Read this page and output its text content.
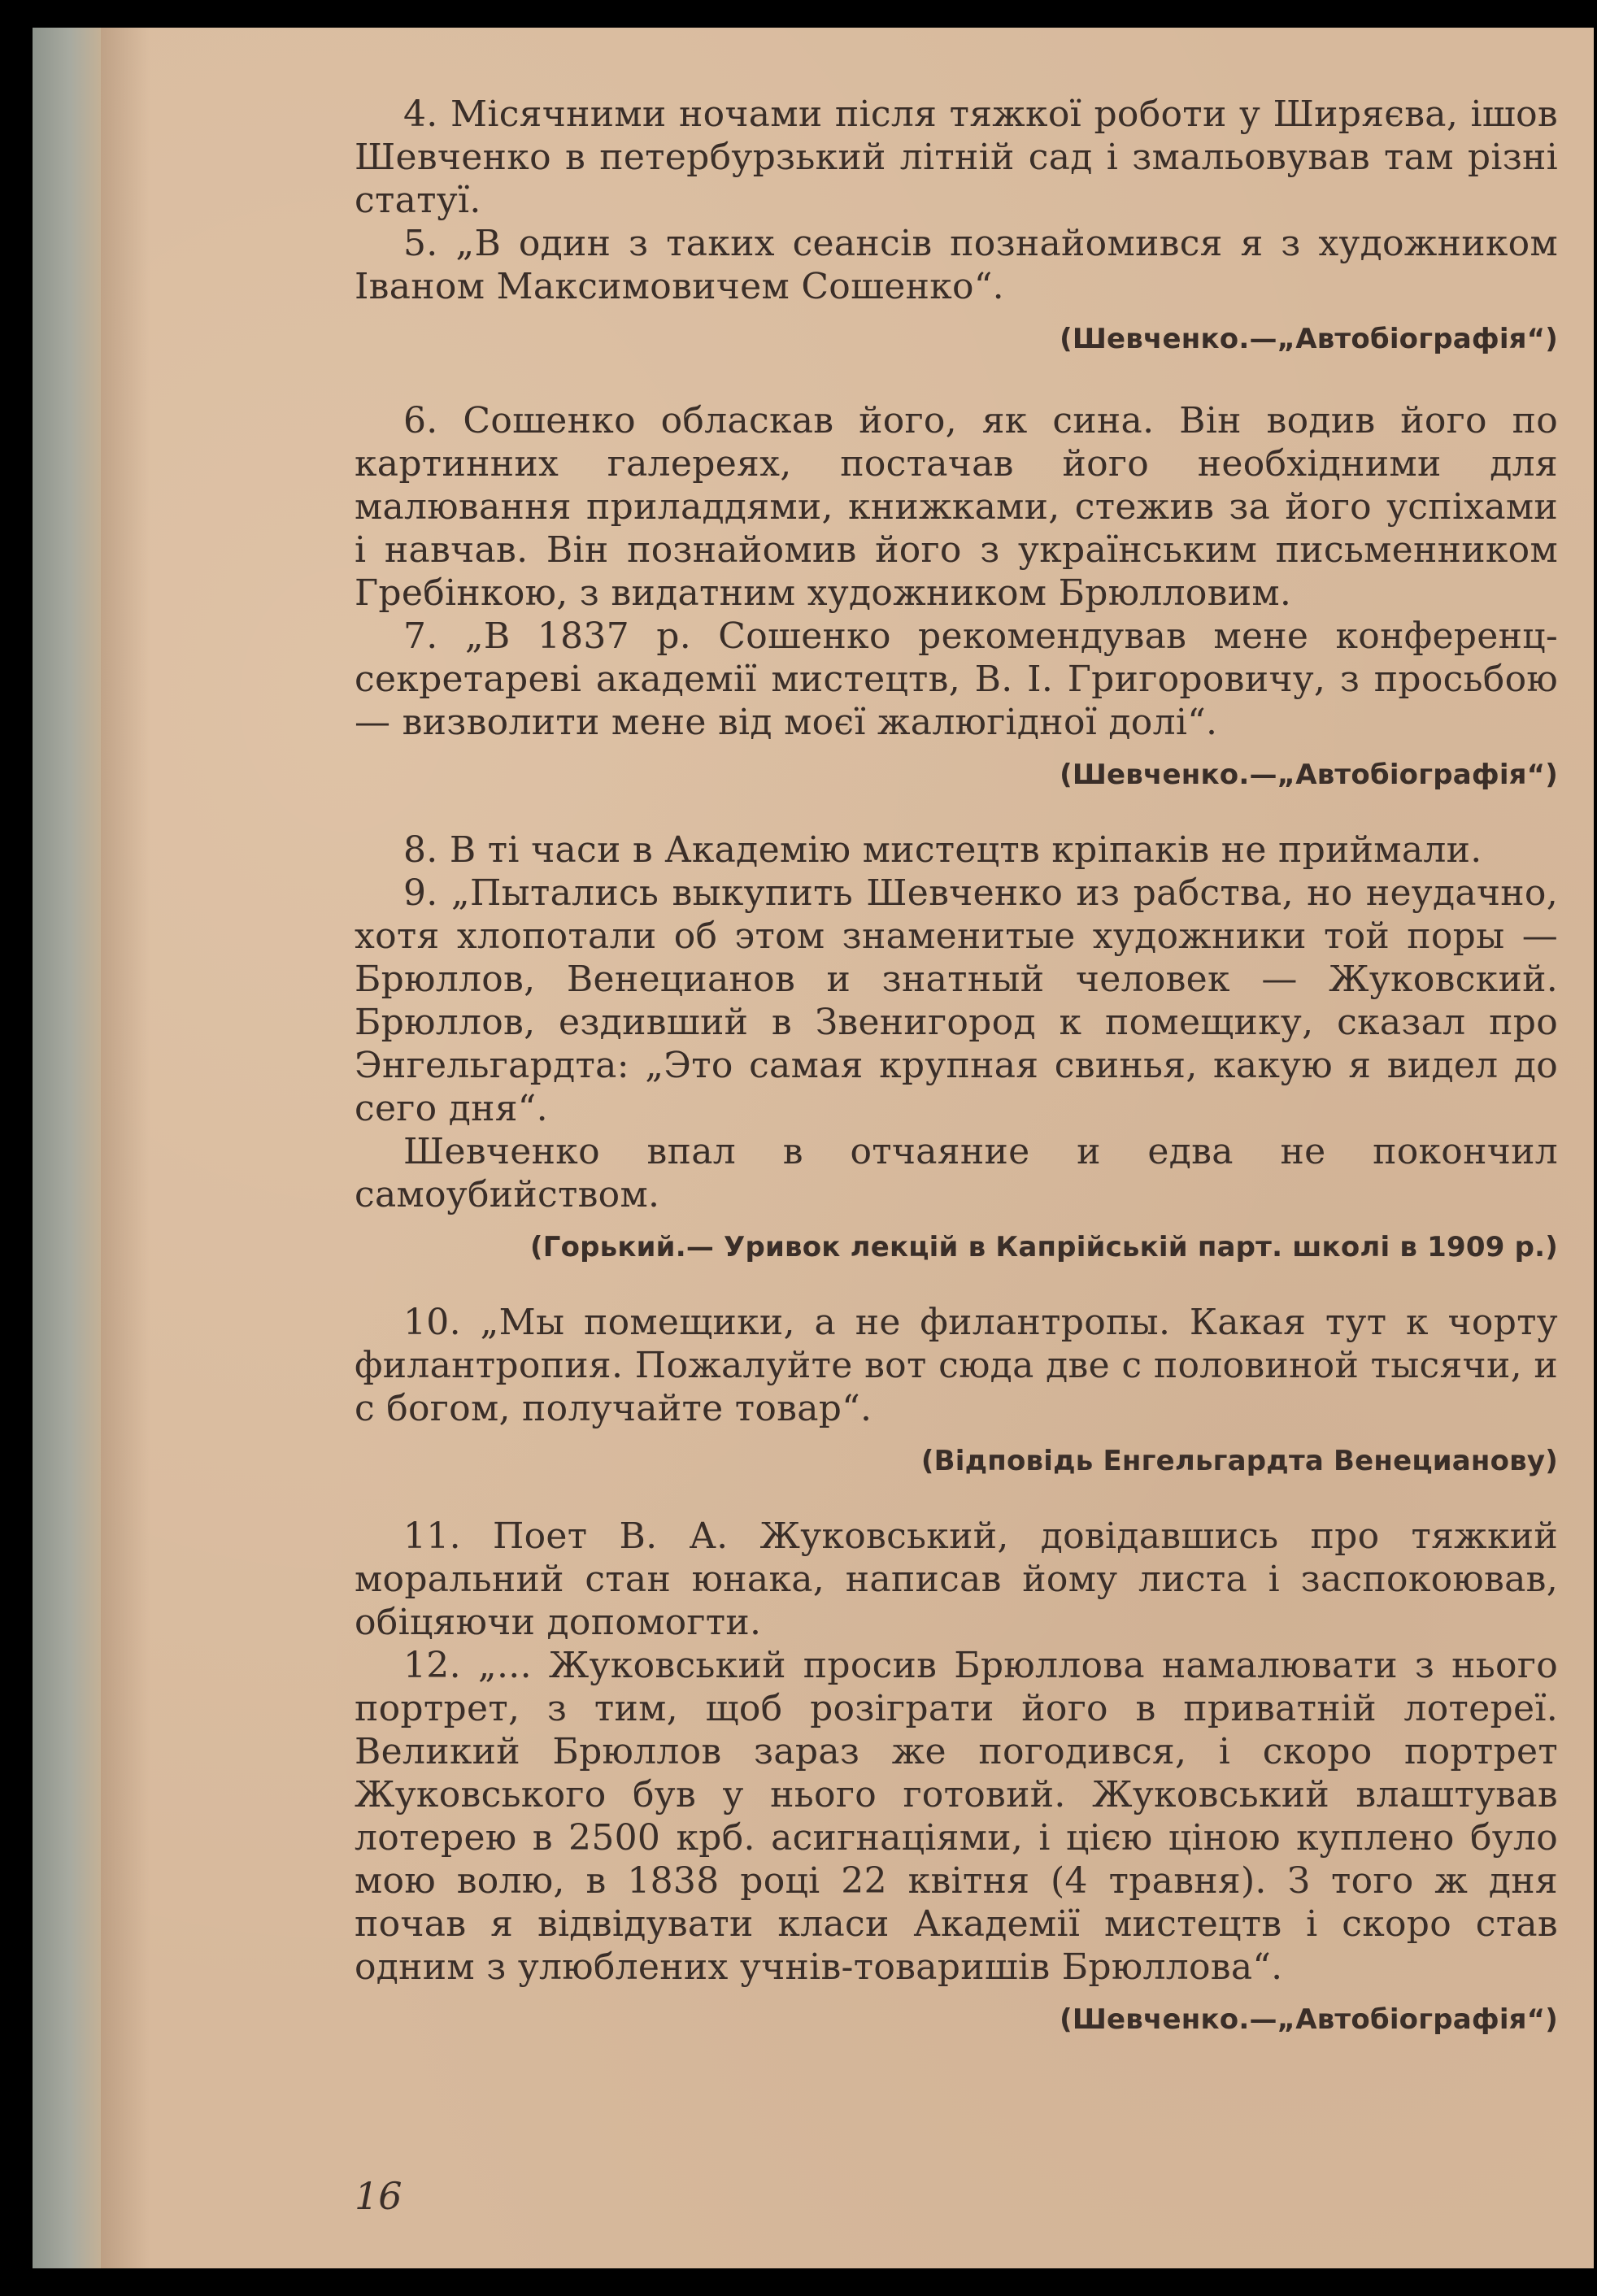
4. Місячними ночами після тяжкої роботи у Ширяєва, ішов Шевченко в петербурзький літній сад і змальовував там різні статуї.

5. „В один з таких сеансів познайомився я з художником Іваном Максимовичем Сошенко“.

(Шевченко.—„Автобіографія“)

6. Сошенко обласкав його, як сина. Він водив його по картинних галереях, постачав його необхідними для малювання приладдями, книжками, стежив за його успіхами і навчав. Він познайомив його з українським письменником Гребінкою, з видатним художником Брюлловим.

7. „В 1837 р. Сошенко рекомендував мене конференц-секретареві академії мистецтв, В. І. Григоровичу, з просьбою — визволити мене від моєї жалюгідної долі“.

(Шевченко.—„Автобіографія“)

8. В ті часи в Академію мистецтв кріпаків не приймали.

9. „Пытались выкупить Шевченко из рабства, но неудачно, хотя хлопотали об этом знаменитые художники той поры — Брюллов, Венецианов и знатный человек — Жуковский. Брюллов, ездивший в Звенигород к помещику, сказал про Энгельгардта: „Это самая крупная свинья, какую я видел до сего дня“.

Шевченко впал в отчаяние и едва не покончил самоубийством.

(Горький.— Уривок лекцій в Капрійській парт. школі в 1909 р.)

10. „Мы помещики, а не филантропы. Какая тут к чорту филантропия. Пожалуйте вот сюда две с половиной тысячи, и с богом, получайте товар“.

(Відповідь Енгельгардта Венецианову)

11. Поет В. А. Жуковський, довідавшись про тяжкий моральний стан юнака, написав йому листа і заспокоював, обіцяючи допомогти.

12. „... Жуковський просив Брюллова намалювати з нього портрет, з тим, щоб розіграти його в приватній лотереї. Великий Брюллов зараз же погодився, і скоро портрет Жуковського був у нього готовий. Жуковський влаштував лотерею в 2500 крб. асигнаціями, і цією ціною куплено було мою волю, в 1838 році 22 квітня (4 травня). З того ж дня почав я відвідувати класи Академії мистецтв і скоро став одним з улюблених учнів-товаришів Брюллова“.

(Шевченко.—„Автобіографія“)

16
